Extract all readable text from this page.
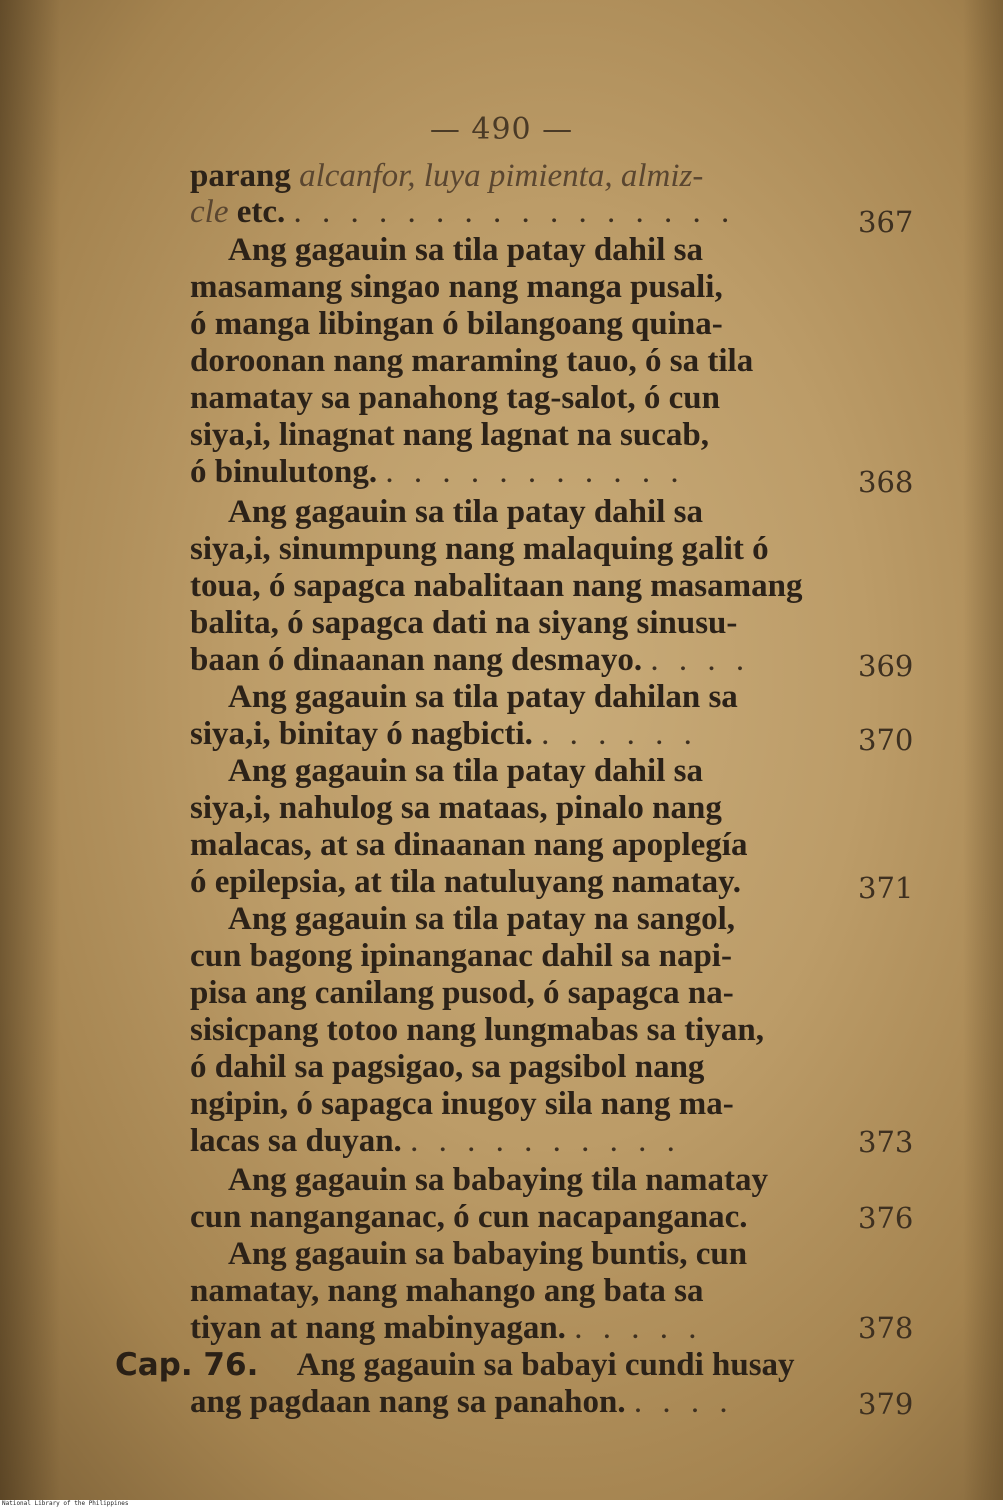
— 490 —
parang alcanfor, luya pimienta, almiz-
cle etc. . . . . . . . . . . . . . . . .	367
Ang gagauin sa tila patay dahil sa
masamang singao nang manga pusali,
ó manga libingan ó bilangoang quina-
doroonan nang maraming tauo, ó sa tila
namatay sa panahong tag-salot, ó cun
siya,i, linagnat nang lagnat na sucab,
ó binulutong. . . . . . . . . . . .	368
Ang gagauin sa tila patay dahil sa
siya,i, sinumpung nang malaquing galit ó
toua, ó sapagca nabalitaan nang masamang
balita, ó sapagca dati na siyang sinusu-
baan ó dinaanan nang desmayo. . . . .	369
Ang gagauin sa tila patay dahilan sa
siya,i, binitay ó nagbicti. . . . . . .	370
Ang gagauin sa tila patay dahil sa
siya,i, nahulog sa mataas, pinalo nang
malacas, at sa dinaanan nang apoplegía
ó epilepsia, at tila natuluyang namatay.	371
Ang gagauin sa tila patay na sangol,
cun bagong ipinanganac dahil sa napi-
pisa ang canilang pusod, ó sapagca na-
sisicpang totoo nang lungmabas sa tiyan,
ó dahil sa pagsigao, sa pagsibol nang
ngipin, ó sapagca inugoy sila nang ma-
lacas sa duyan. . . . . . . . . . .	373
Ang gagauin sa babaying tila namatay
cun nanganganac, ó cun nacapanganac.	376
Ang gagauin sa babaying buntis, cun
namatay, nang mahango ang bata sa
tiyan at nang mabinyagan. . . . . .	378
Cap. 76. Ang gagauin sa babayi cundi husay
ang pagdaan nang sa panahon. . . . .	379
National Library of the Philippines
